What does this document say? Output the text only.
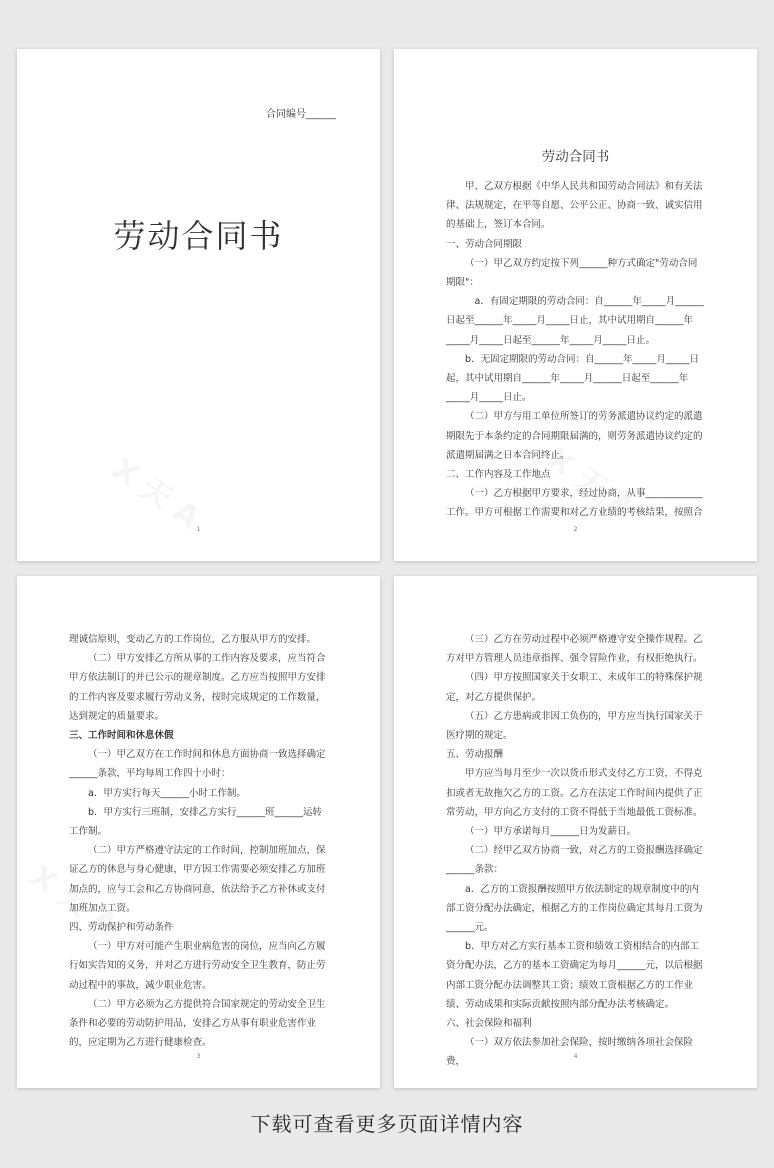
合同编号______
劳动合同书
1
劳动合同书

甲、乙双方根据《中华人民共和国劳动合同法》和有关法律、法规规定，在平等自愿、公平公正、协商一致、诚实信用的基础上，签订本合同。

一、劳动合同期限

（一）甲乙双方约定按下列______种方式确定"劳动合同期限"：

a．有固定期限的劳动合同：自______年_____月______日起至______年_____月_____日止，其中试用期自______年_____月_____日起至______年_____月_____日止。

b．无固定期限的劳动合同：自______年_____月_____日起，其中试用期自______年_____月______日起至______年_____月_____日止。

（二）甲方与用工单位所签订的劳务派遣协议约定的派遣期限先于本条约定的合同期限届满的，则劳务派遣协议约定的派遣期届满之日本合同终止。

二、工作内容及工作地点

（一）乙方根据甲方要求，经过协商，从事____________工作。甲方可根据工作需要和对乙方业绩的考核结果，按照合

2

理诚信原则，变动乙方的工作岗位，乙方服从甲方的安排。

（二）甲方安排乙方所从事的工作内容及要求，应当符合甲方依法制订的并已公示的规章制度。乙方应当按照甲方安排的工作内容及要求履行劳动义务，按时完成规定的工作数量，达到规定的质量要求。

三、工作时间和休息休假

（一）甲乙双方在工作时间和休息方面协商一致选择确定______条款，平均每周工作四十小时：

a．甲方实行每天______小时工作制。

b．甲方实行三班制，安排乙方实行______班______运转工作制。

（二）甲方严格遵守法定的工作时间，控制加班加点，保证乙方的休息与身心健康，甲方因工作需要必须安排乙方加班加点的，应与工会和乙方协商同意，依法给予乙方补休或支付加班加点工资。

四、劳动保护和劳动条件

（一）甲方对可能产生职业病危害的岗位，应当向乙方履行如实告知的义务，并对乙方进行劳动安全卫生教育，防止劳动过程中的事故，减少职业危害。

（二）甲方必须为乙方提供符合国家规定的劳动安全卫生条件和必要的劳动防护用品，安排乙方从事有职业危害作业的，应定期为乙方进行健康检查。

3

（三）乙方在劳动过程中必须严格遵守安全操作规程。乙方对甲方管理人员违章指挥、强令冒险作业，有权拒绝执行。

（四）甲方按照国家关于女职工、未成年工的特殊保护规定，对乙方提供保护。

（五）乙方患病或非因工负伤的，甲方应当执行国家关于医疗期的规定。

五、劳动报酬

甲方应当每月至少一次以货币形式支付乙方工资，不得克扣或者无故拖欠乙方的工资。乙方在法定工作时间内提供了正常劳动，甲方向乙方支付的工资不得低于当地最低工资标准。

（一）甲方承诺每月______日为发薪日。

（二）经甲乙双方协商一致，对乙方的工资报酬选择确定______条款：

a．乙方的工资报酬按照甲方依法制定的规章制度中的内部工资分配办法确定，根据乙方的工作岗位确定其每月工资为______元。

b．甲方对乙方实行基本工资和绩效工资相结合的内部工资分配办法，乙方的基本工资确定为每月______元，以后根据内部工资分配办法调整其工资；绩效工资根据乙方的工作业绩、劳动成果和实际贡献按照内部分配办法考核确定。

六、社会保险和福利

（一）双方依法参加社会保险，按时缴纳各项社会保险费，	4
下载可查看更多页面详情内容
